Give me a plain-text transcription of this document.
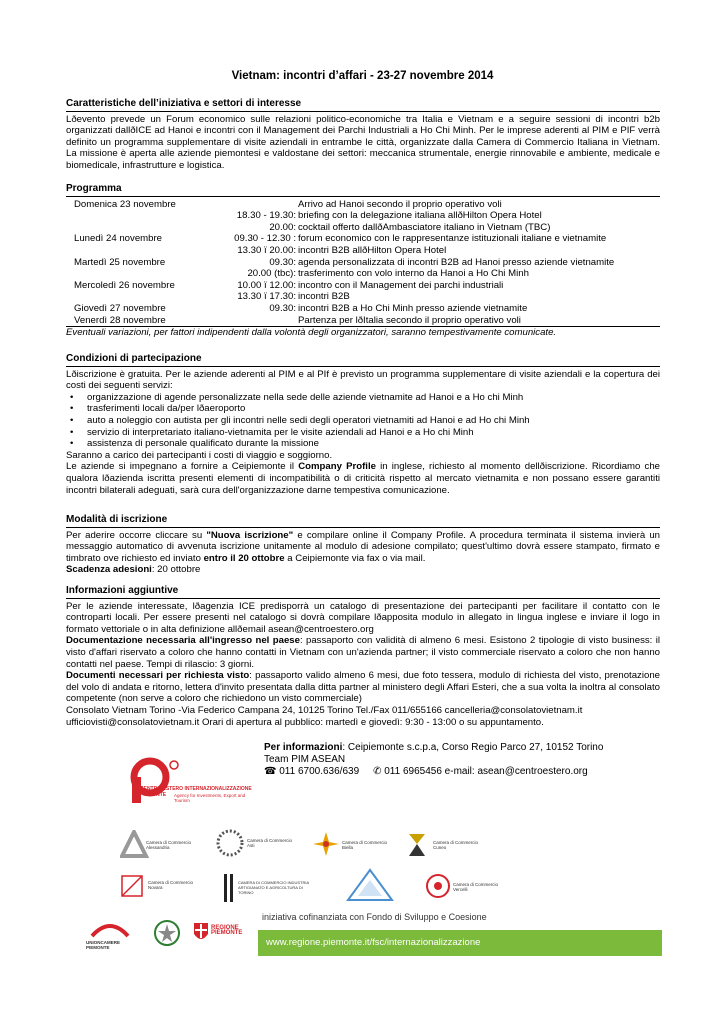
Vietnam: incontri d’affari - 23-27 novembre 2014
Caratteristiche dell’iniziativa e settori di interesse
Lðevento prevede un Forum economico sulle relazioni politico-economiche tra Italia e Vietnam e a seguire sessioni di incontri b2b organizzati dallðICE ad Hanoi e incontri con il Management dei Parchi Industriali a Ho Chi Minh. Per le imprese aderenti al PIM e PIF verrà definito un programma supplementare di visite aziendali in entrambe le città, organizzate dalla Camera di Commercio Italiana in Vietnam. La missione è aperta alle aziende piemontesi e valdostane dei settori: meccanica strumentale, energie rinnovabile e ambiente, medicale e biomedicale, infrastrutture e logistica.
Programma
Domenica 23 novembre	Arrivo ad Hanoi secondo il proprio operativo voli
18.30 - 19.30: briefing con la delegazione italiana allðHilton Opera Hotel
20.00: cocktail offerto dallðAmbasciatore italiano in Vietnam (TBC)
Lunedì 24 novembre	09.30 - 12.30 : forum economico con le rappresentanze istituzionali italiane e vietnamite
13.30 ï 20.00: incontri B2B allðHilton Opera Hotel
Martedì 25 novembre	09.30: agenda personalizzata di incontri B2B ad Hanoi presso aziende vietnamite
20.00 (tbc): trasferimento con volo interno da Hanoi a Ho Chi Minh
Mercoledì 26 novembre	10.00 ï 12.00: incontro con il Management dei parchi industriali
13.30 ï 17.30: incontri B2B
Giovedì 27 novembre	09.30: incontri B2B a Ho Chi Minh presso aziende vietnamite
Venerdì 28 novembre	Partenza per lðItalia secondo il proprio operativo voli
Eventuali variazioni, per fattori indipendenti dalla volontà degli organizzatori, saranno tempestivamente comunicate.
Condizioni di partecipazione
Lðiscrizione è gratuita. Per le aziende aderenti al PIM e al PIf è previsto un programma supplementare di visite aziendali e la copertura dei costi dei seguenti servizi:
• organizzazione di agende personalizzate nella sede delle aziende vietnamite ad Hanoi e a Ho chi Minh
• trasferimenti locali da/per lðaeroporto
• auto a noleggio con autista per gli incontri nelle sedi degli operatori vietnamiti ad Hanoi e ad Ho chi Minh
• servizio di interpretariato italiano-vietnamita per le visite aziendali ad Hanoi e a Ho chi Minh
• assistenza di personale qualificato durante la missione
Saranno a carico dei partecipanti i costi di viaggio e soggiorno.
Le aziende si impegnano a fornire a Ceipiemonte il Company Profile in inglese, richiesto al momento dellðiscrizione. Ricordiamo che qualora lðazienda iscritta presenti elementi di incompatibilità o di criticità rispetto al mercato vietnamita e non possano essere garantiti incontri bilaterali adeguati, sarà cura dell'organizzazione darne tempestiva comunicazione.
Modalità di iscrizione
Per aderire occorre cliccare su "Nuova iscrizione" e compilare online il Company Profile. A procedura terminata il sistema invierà un messaggio automatico di avvenuta iscrizione unitamente al modulo di adesione compilato; quest'ultimo dovrà essere stampato, firmato e timbrato ove richiesto ed inviato entro il 20 ottobre a Ceipiemonte via fax o via mail.
Scadenza adesioni: 20 ottobre
Informazioni aggiuntive
Per le aziende interessate, lðagenzia ICE predisporrà un catalogo di presentazione dei partecipanti per facilitare il contatto con le controparti locali. Per essere presenti nel catalogo si dovrà compilare lðapposita modulo in allegato in lingua inglese e inviare il logo in formato vettoriale o in alta definizione allðemail asean@centroestero.org
Documentazione necessaria all'ingresso nel paese: passaporto con validità di almeno 6 mesi. Esistono 2 tipologie di visto business: il visto d'affari riservato a coloro che hanno contatti in Vietnam con un'azienda partner; il visto commerciale riservato a coloro che non hanno contatti nel paese. Tempi di rilascio: 3 giorni.
Documenti necessari per richiesta visto: passaporto valido almeno 6 mesi, due foto tessera, modulo di richiesta del visto, prenotazione del volo di andata e ritorno, lettera d'invito presentata dalla ditta partner al ministero degli Affari Esteri, che a sua volta la inoltra al consolato competente (non serve a coloro che richiedono un visto commerciale)
Consolato Vietnam Torino -Via Federico Campana 24, 10125 Torino Tel./Fax 011/655166 cancelleria@consolatovietnam.it
ufficiovisti@consolatovietnam.it Orari di apertura al pubblico: martedì e giovedì: 9:30 - 13:00 o su appuntamento.
CENTRO ESTERO INTERNAZIONALIZZAZIONE
PIEMONTE Agency for Investments, Export and Tourism
Per informazioni: Ceipiemonte s.c.p.a, Corso Regio Parco 27, 10152 Torino
Team PIM ASEAN
☎ 011 6700.636/639 ✆ 011 6965456 e-mail: asean@centroestero.org
Camera di Commercio Alessandria
Camera di Commercio Asti
Camera di Commercio Biella
Camera di Commercio Cuneo
Camera di Commercio Novara
CAMERA DI COMMERCIO INDUSTRIA ARTIGIANATO E AGRICOLTURA DI TORINO
Camera di Commercio Vercelli
UNIONCAMERE PIEMONTE
REGIONE PIEMONTE
iniziativa cofinanziata con Fondo di Sviluppo e Coesione
www.regione.piemonte.it/fsc/internazionalizzazione
